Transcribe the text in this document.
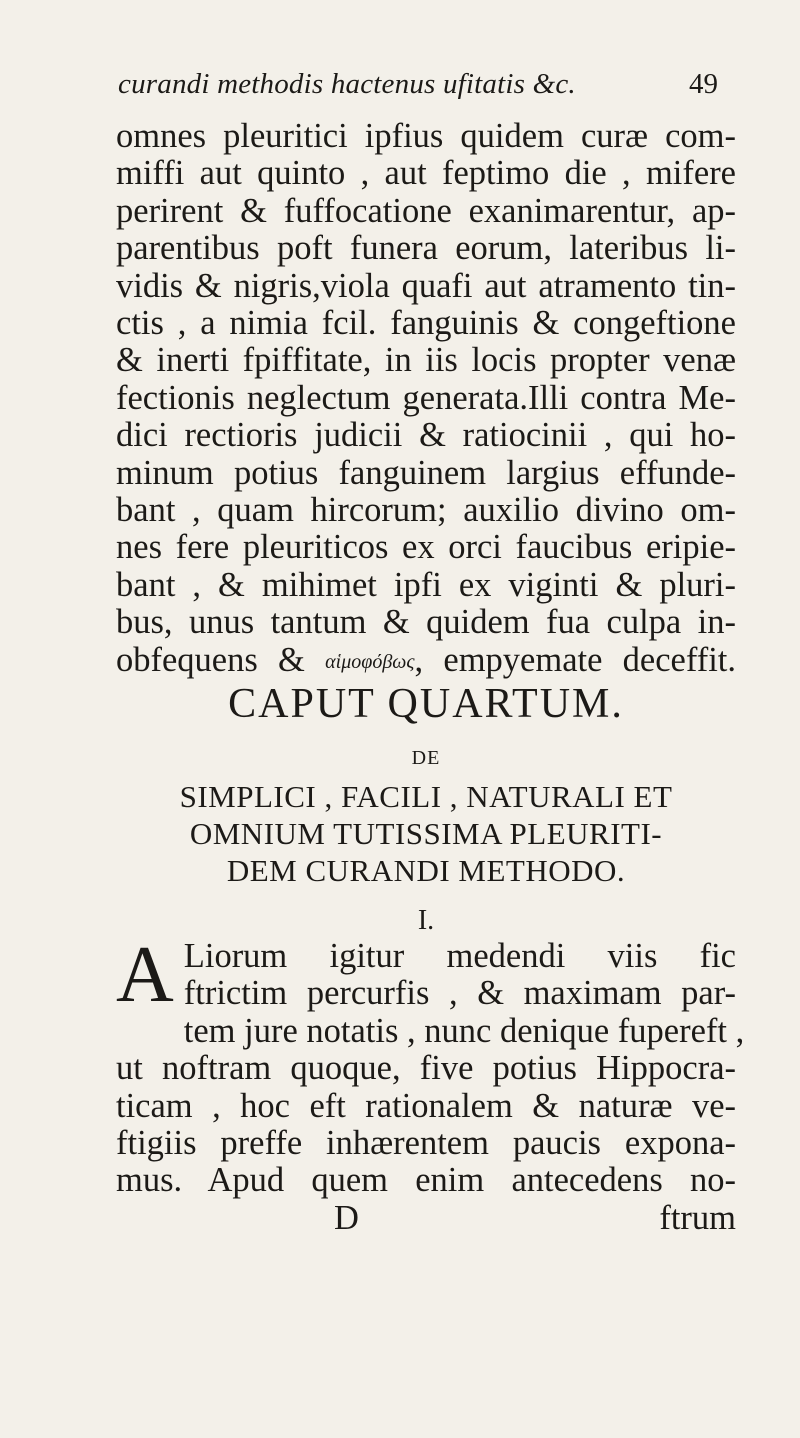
curandi methodis hactenus ufitatis &c.	49
omnes pleuritici ipfius quidem curæ com-
miffi aut quinto , aut feptimo die , mifere
perirent & fuffocatione exanimarentur, ap-
parentibus poft funera eorum, lateribus li-
vidis & nigris,viola quafi aut atramento tin-
ctis , a nimia fcil. fanguinis & congeftione
& inerti fpiffitate, in iis locis propter venæ
fectionis neglectum generata.Illi contra Me-
dici rectioris judicii & ratiocinii , qui ho-
minum potius fanguinem largius effunde-
bant , quam hircorum; auxilio divino om-
nes fere pleuriticos ex orci faucibus eripie-
bant , & mihimet ipfi ex viginti & pluri-
bus, unus tantum & quidem fua culpa in-
obfequens & αἱμοφόβως, empyemate deceffit.
CAPUT QUARTUM.
DE
SIMPLICI , FACILI , NATURALI ET
OMNIUM TUTISSIMA PLEURITI-
DEM CURANDI METHODO.
I.
A Liorum igitur medendi viis fic
ftrictim percurfis , & maximam par-
tem jure notatis , nunc denique fupereft ,
ut noftram quoque, five potius Hippocra-
ticam , hoc eft rationalem & naturæ ve-
ftigiis preffe inhærentem paucis expona-
mus. Apud quem enim antecedens no-
D	ftrum
